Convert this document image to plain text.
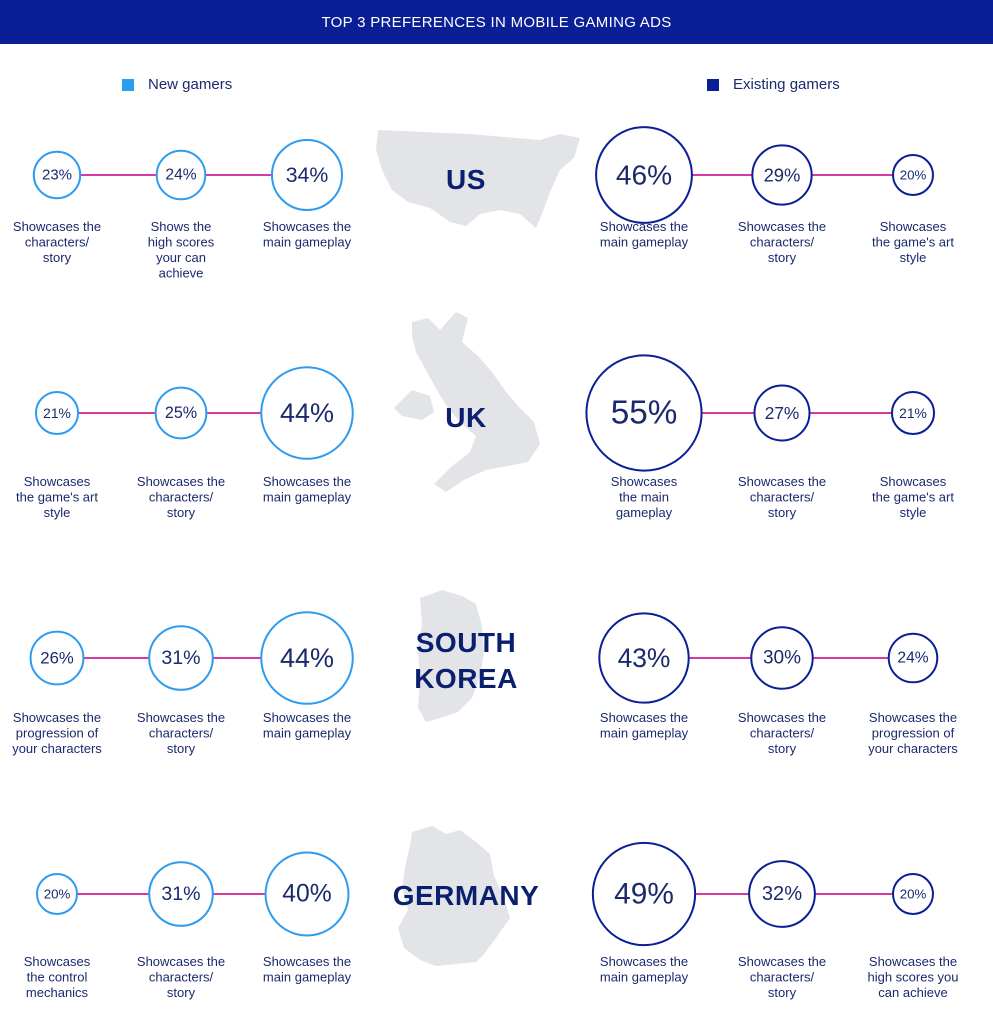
TOP 3 PREFERENCES IN MOBILE GAMING ADS
New gamers	Existing gamers
US
23%
Showcases the characters/ story
24%
Shows the high scores your can achieve
34%
Showcases the main gameplay
46%
Showcases the main gameplay
29%
Showcases the characters/ story
20%
Showcases the game's art style
UK
21%
Showcases the game's art style
25%
Showcases the characters/ story
44%
Showcases the main gameplay
55%
Showcases the main gameplay
27%
Showcases the characters/ story
21%
Showcases the game's art style
SOUTH KOREA
26%
Showcases the progression of your characters
31%
Showcases the characters/ story
44%
Showcases the main gameplay
43%
Showcases the main gameplay
30%
Showcases the characters/ story
24%
Showcases the progression of your characters
GERMANY
20%
Showcases the control mechanics
31%
Showcases the characters/ story
40%
Showcases the main gameplay
49%
Showcases the main gameplay
32%
Showcases the characters/ story
20%
Showcases the high scores you can achieve
